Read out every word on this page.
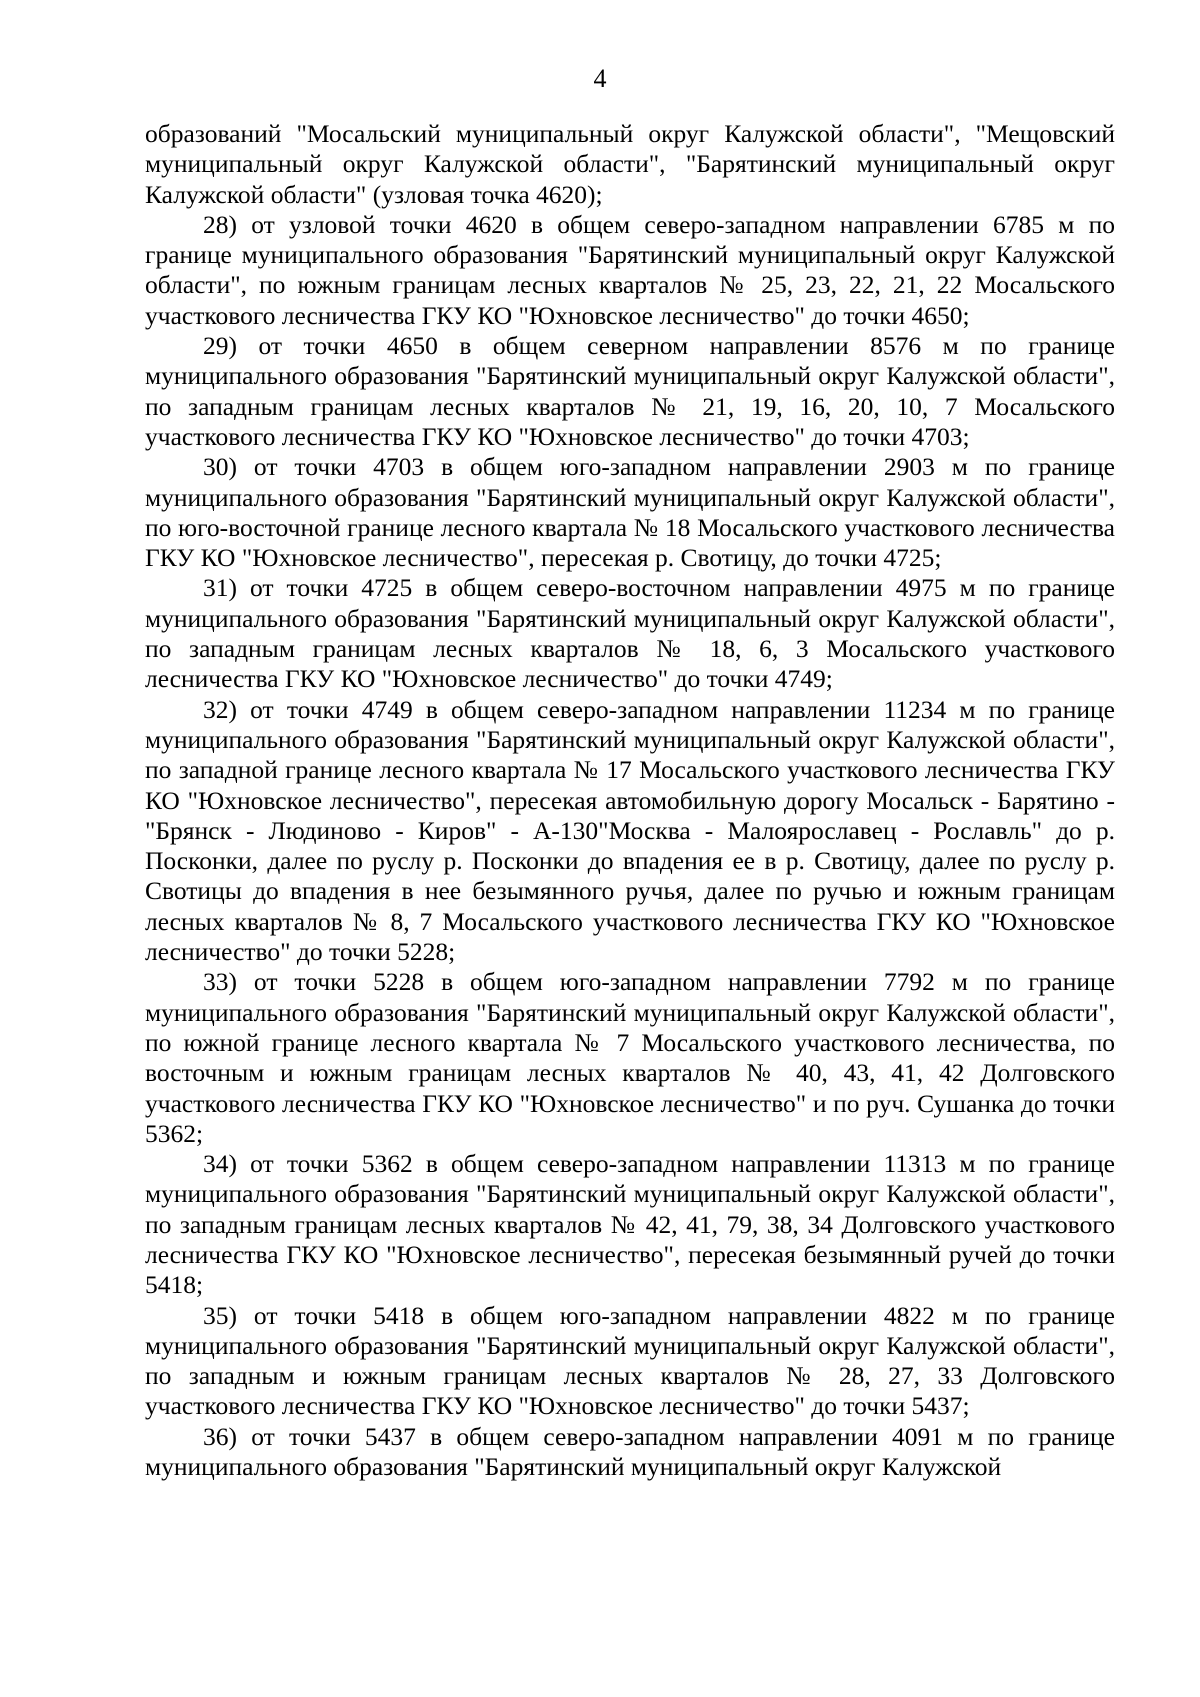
4

образований "Мосальский муниципальный округ Калужской области", "Мещовский муниципальный округ Калужской области", "Барятинский муниципальный округ Калужской области" (узловая точка 4620);

28) от узловой точки 4620 в общем северо-западном направлении 6785 м по границе муниципального образования "Барятинский муниципальный округ Калужской области", по южным границам лесных кварталов № 25, 23, 22, 21, 22 Мосальского участкового лесничества ГКУ КО "Юхновское лесничество" до точки 4650;

29) от точки 4650 в общем северном направлении 8576 м по границе муниципального образования "Барятинский муниципальный округ Калужской области", по западным границам лесных кварталов № 21, 19, 16, 20, 10, 7 Мосальского участкового лесничества ГКУ КО "Юхновское лесничество" до точки 4703;

30) от точки 4703 в общем юго-западном направлении 2903 м по границе муниципального образования "Барятинский муниципальный округ Калужской области", по юго-восточной границе лесного квартала № 18 Мосальского участкового лесничества ГКУ КО "Юхновское лесничество", пересекая р. Свотицу, до точки 4725;

31) от точки 4725 в общем северо-восточном направлении 4975 м по границе муниципального образования "Барятинский муниципальный округ Калужской области", по западным границам лесных кварталов № 18, 6, 3 Мосальского участкового лесничества ГКУ КО "Юхновское лесничество" до точки 4749;

32) от точки 4749 в общем северо-западном направлении 11234 м по границе муниципального образования "Барятинский муниципальный округ Калужской области", по западной границе лесного квартала № 17 Мосальского участкового лесничества ГКУ КО "Юхновское лесничество", пересекая автомобильную дорогу Мосальск - Барятино -"Брянск - Людиново - Киров" - А-130"Москва - Малоярославец - Рославль" до р. Посконки, далее по руслу р. Посконки до впадения ее в р. Свотицу, далее по руслу р. Свотицы до впадения в нее безымянного ручья, далее по ручью и южным границам лесных кварталов № 8, 7 Мосальского участкового лесничества ГКУ КО "Юхновское лесничество" до точки 5228;

33) от точки 5228 в общем юго-западном направлении 7792 м по границе муниципального образования "Барятинский муниципальный округ Калужской области", по южной границе лесного квартала № 7 Мосальского участкового лесничества, по восточным и южным границам лесных кварталов № 40, 43, 41, 42 Долговского участкового лесничества ГКУ КО "Юхновское лесничество" и по руч. Сушанка до точки 5362;

34) от точки 5362 в общем северо-западном направлении 11313 м по границе муниципального образования "Барятинский муниципальный округ Калужской области", по западным границам лесных кварталов № 42, 41, 79, 38, 34 Долговского участкового лесничества ГКУ КО "Юхновское лесничество", пересекая безымянный ручей до точки 5418;

35) от точки 5418 в общем юго-западном направлении 4822 м по границе муниципального образования "Барятинский муниципальный округ Калужской области", по западным и южным границам лесных кварталов № 28, 27, 33 Долговского участкового лесничества ГКУ КО "Юхновское лесничество" до точки 5437;

36) от точки 5437 в общем северо-западном направлении 4091 м по границе муниципального образования "Барятинский муниципальный округ Калужской
